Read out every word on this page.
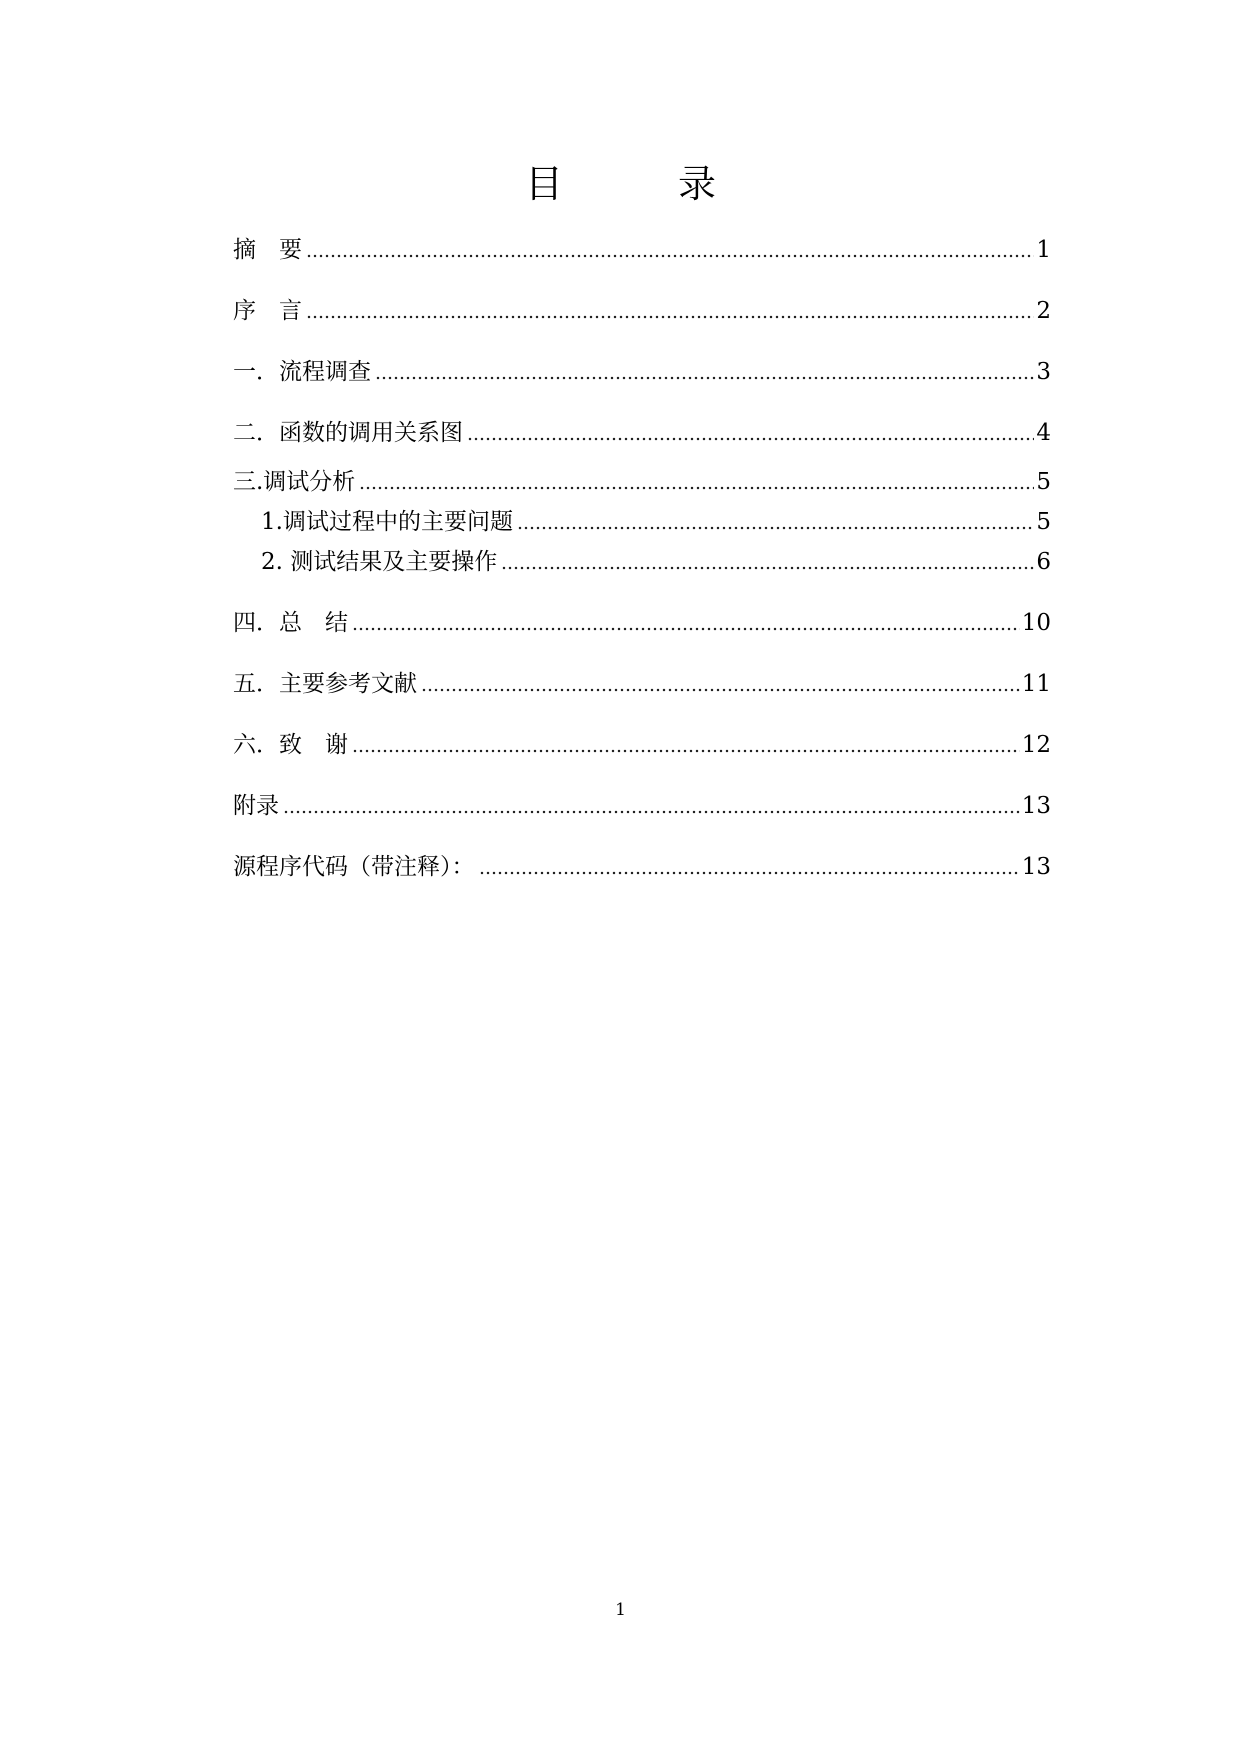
目	录
摘　要	1
序　言	2
一．流程调查	3
二．函数的调用关系图	4
三.调试分析	5
1.调试过程中的主要问题	5
2. 测试结果及主要操作	6
四．总　结	10
五．主要参考文献	11
六．致　谢	12
附录	13
源程序代码（带注释）：	13
1
